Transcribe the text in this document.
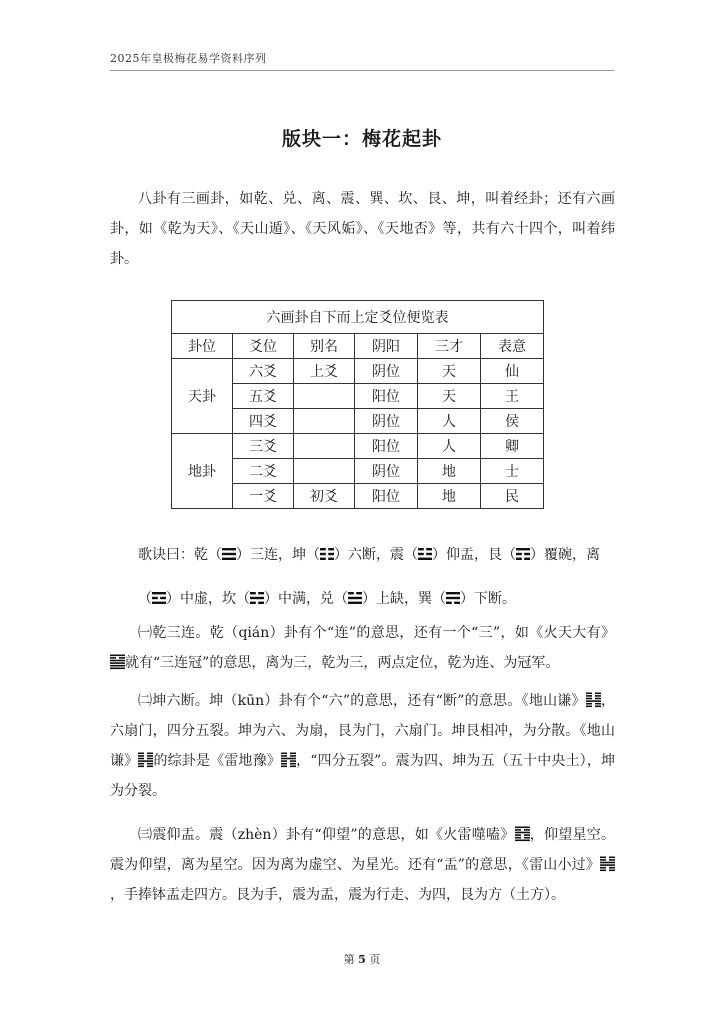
2025年皇极梅花易学资料序列
版块一：梅花起卦
八卦有三画卦，如乾、兑、离、震、巽、坎、艮、坤，叫着经卦；还有六画卦，如《乾为天》、《天山遁》、《天风姤》、《天地否》等，共有六十四个，叫着纬卦。
六画卦自下而上定爻位便览表					
卦位	爻位	别名	阴阳	三才	表意
天卦	六爻	上爻	阴位	天	仙
	五爻		阳位	天	王
	四爻		阴位	人	侯
地卦	三爻		阳位	人	卿
	二爻		阴位	地	士
	一爻	初爻	阳位	地	民
歌诀曰：乾（ ）三连，坤（ ）六断，震（ ）仰盂，艮（ ）覆碗，离
（ ）中虚，坎（ ）中满，兑（ ）上缺，巽（ ）下断。
㈠乾三连。乾（qián）卦有个“连”的意思，还有一个“三”，如《火天大有》就有“三连冠”的意思，离为三，乾为三，两点定位，乾为连、为冠军。
㈡坤六断。坤（kūn）卦有个“六”的意思，还有“断”的意思。《地山谦》 ，六扇门，四分五裂。坤为六、为扇，艮为门，六扇门。坤艮相冲，为分散。《地山谦》 的综卦是《雷地豫》 ，“四分五裂”。震为四、坤为五（五十中央土），坤为分裂。
㈢震仰盂。震（zhèn）卦有“仰望”的意思，如《火雷噬嗑》 ，仰望星空。震为仰望，离为星空。因为离为虚空、为星光。还有“盂”的意思，《雷山小过》，手捧钵盂走四方。艮为手，震为盂，震为行走、为四，艮为方（土方）。
第 5 页
